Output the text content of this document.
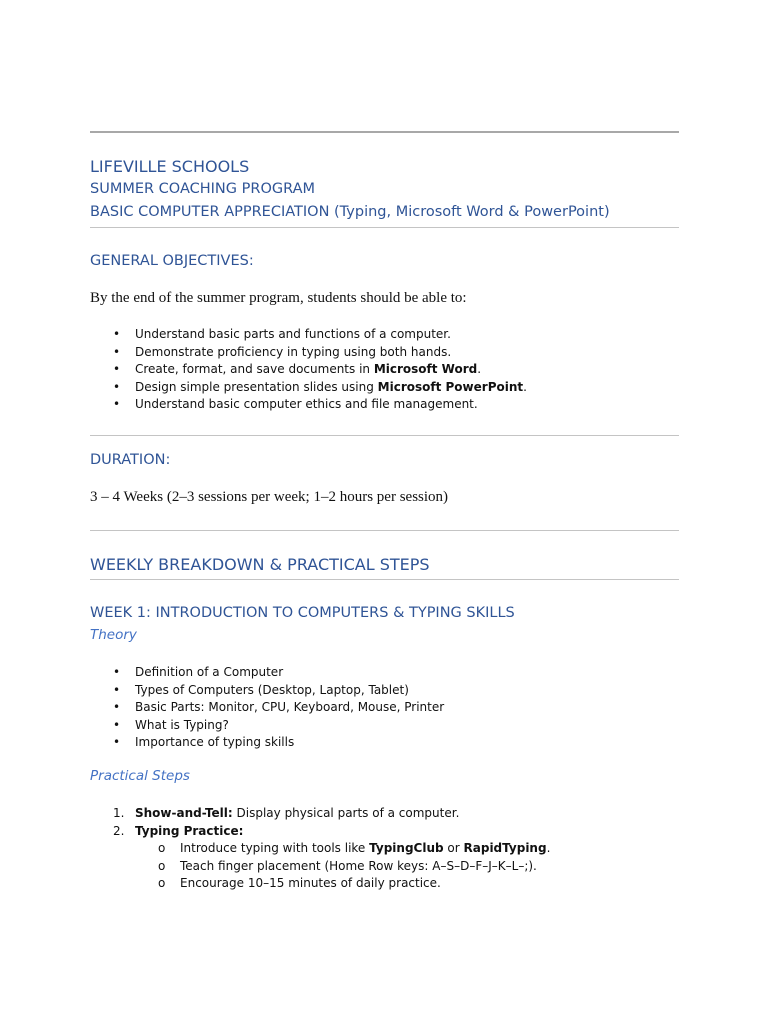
LIFEVILLE SCHOOLS
SUMMER COACHING PROGRAM
BASIC COMPUTER APPRECIATION (Typing, Microsoft Word & PowerPoint)
GENERAL OBJECTIVES:

By the end of the summer program, students should be able to:

• Understand basic parts and functions of a computer.
• Demonstrate proficiency in typing using both hands.
• Create, format, and save documents in Microsoft Word.
• Design simple presentation slides using Microsoft PowerPoint.
• Understand basic computer ethics and file management.
DURATION:

3 – 4 Weeks (2–3 sessions per week; 1–2 hours per session)

WEEKLY BREAKDOWN & PRACTICAL STEPS
WEEK 1: INTRODUCTION TO COMPUTERS & TYPING SKILLS
Theory
• Definition of a Computer
• Types of Computers (Desktop, Laptop, Tablet)
• Basic Parts: Monitor, CPU, Keyboard, Mouse, Printer
• What is Typing?
• Importance of typing skills
Practical Steps
1. Show-and-Tell: Display physical parts of a computer.
2. Typing Practice:
o Introduce typing with tools like TypingClub or RapidTyping.
o Teach finger placement (Home Row keys: A–S–D–F–J–K–L–;).
o Encourage 10–15 minutes of daily practice.
